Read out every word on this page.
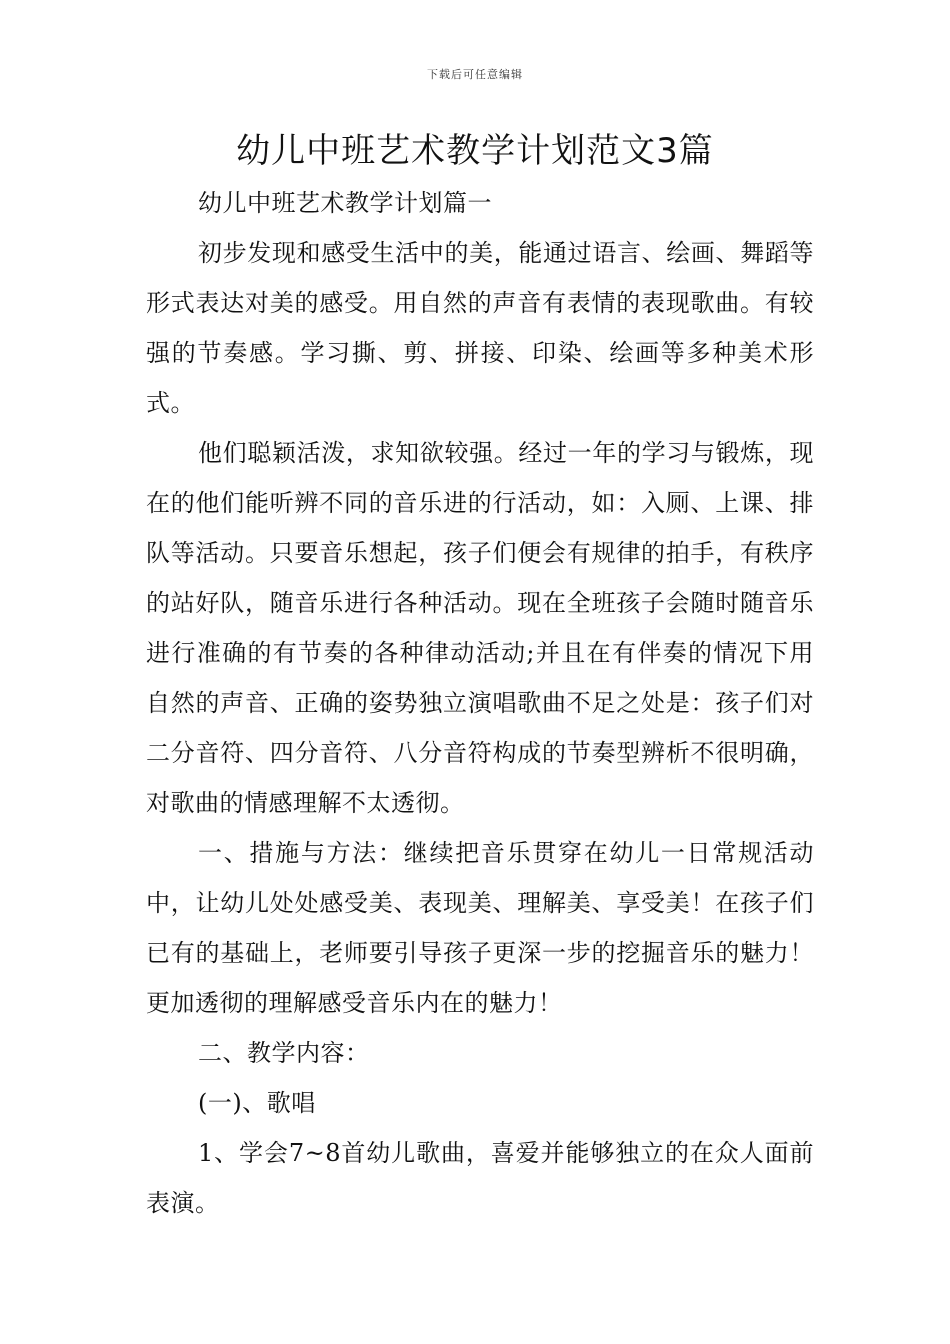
下载后可任意编辑
幼儿中班艺术教学计划范文3篇

幼儿中班艺术教学计划篇一

初步发现和感受生活中的美，能通过语言、绘画、舞蹈等形式表达对美的感受。用自然的声音有表情的表现歌曲。有较强的节奏感。学习撕、剪、拼接、印染、绘画等多种美术形式。

他们聪颖活泼，求知欲较强。经过一年的学习与锻炼，现在的他们能听辨不同的音乐进的行活动，如：入厕、上课、排队等活动。只要音乐想起，孩子们便会有规律的拍手，有秩序的站好队，随音乐进行各种活动。现在全班孩子会随时随音乐进行准确的有节奏的各种律动活动;并且在有伴奏的情况下用自然的声音、正确的姿势独立演唱歌曲不足之处是：孩子们对二分音符、四分音符、八分音符构成的节奏型辨析不很明确，对歌曲的情感理解不太透彻。

一、措施与方法：继续把音乐贯穿在幼儿一日常规活动中，让幼儿处处感受美、表现美、理解美、享受美！在孩子们已有的基础上，老师要引导孩子更深一步的挖掘音乐的魅力！更加透彻的理解感受音乐内在的魅力！

二、教学内容：

(一)、歌唱

1、学会7~8首幼儿歌曲，喜爱并能够独立的在众人面前表演。
